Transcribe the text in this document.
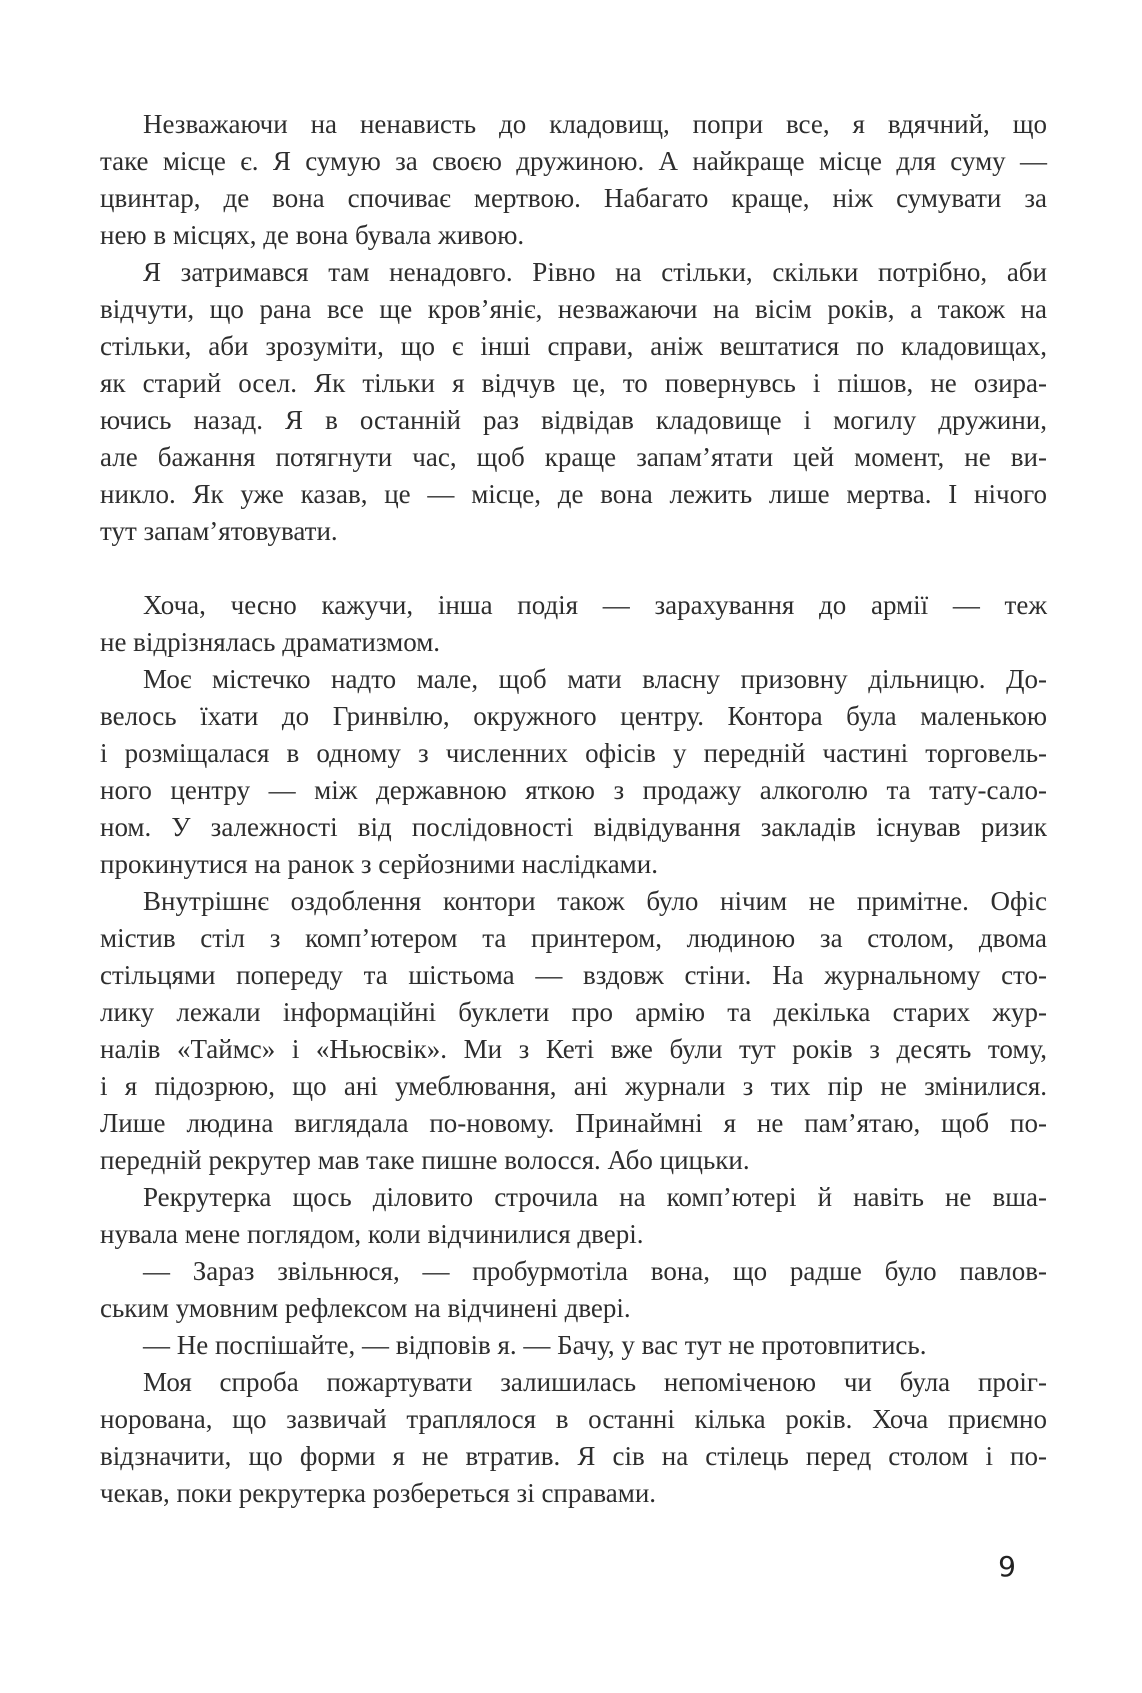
Незважаючи на ненависть до кладовищ, попри все, я вдячний, що
таке місце є. Я сумую за своєю дружиною. А найкраще місце для суму —
цвинтар, де вона спочиває мертвою. Набагато краще, ніж сумувати за
нею в місцях, де вона бувала живою.

Я затримався там ненадовго. Рівно на стільки, скільки потрібно, аби
відчути, що рана все ще кров’яніє, незважаючи на вісім років, а також на
стільки, аби зрозуміти, що є інші справи, аніж вештатися по кладовищах,
як старий осел. Як тільки я відчув це, то повернувсь і пішов, не озира-
ючись назад. Я в останній раз відвідав кладовище і могилу дружини,
але бажання потягнути час, щоб краще запам’ятати цей момент, не ви-
никло. Як уже казав, це — місце, де вона лежить лише мертва. І нічого
тут запам’ятовувати.

Хоча, чесно кажучи, інша подія — зарахування до армії — теж
не відрізнялась драматизмом.

Моє містечко надто мале, щоб мати власну призовну дільницю. До-
велось їхати до Гринвілю, окружного центру. Контора була маленькою
і розміщалася в одному з численних офісів у передній частині торговель-
ного центру — між державною яткою з продажу алкоголю та тату-сало-
ном. У залежності від послідовності відвідування закладів існував ризик
прокинутися на ранок з серйозними наслідками.

Внутрішнє оздоблення контори також було нічим не примітне. Офіс
містив стіл з комп’ютером та принтером, людиною за столом, двома
стільцями попереду та шістьома — вздовж стіни. На журнальному сто-
лику лежали інформаційні буклети про армію та декілька старих жур-
налів «Таймс» і «Ньюсвік». Ми з Кеті вже були тут років з десять тому,
і я підозрюю, що ані умеблювання, ані журнали з тих пір не змінилися.
Лише людина виглядала по-новому. Принаймні я не пам’ятаю, щоб по-
передній рекрутер мав таке пишне волосся. Або цицьки.

Рекрутерка щось діловито строчила на комп’ютері й навіть не вша-
нувала мене поглядом, коли відчинилися двері.

— Зараз звільнюся, — пробурмотіла вона, що радше було павлов-
ським умовним рефлексом на відчинені двері.

— Не поспішайте, — відповів я. — Бачу, у вас тут не протовпитись.

Моя спроба пожартувати залишилась непоміченою чи була проіг-
норована, що зазвичай траплялося в останні кілька років. Хоча приємно
відзначити, що форми я не втратив. Я сів на стілець перед столом і по-
чекав, поки рекрутерка розбереться зі справами.

9
